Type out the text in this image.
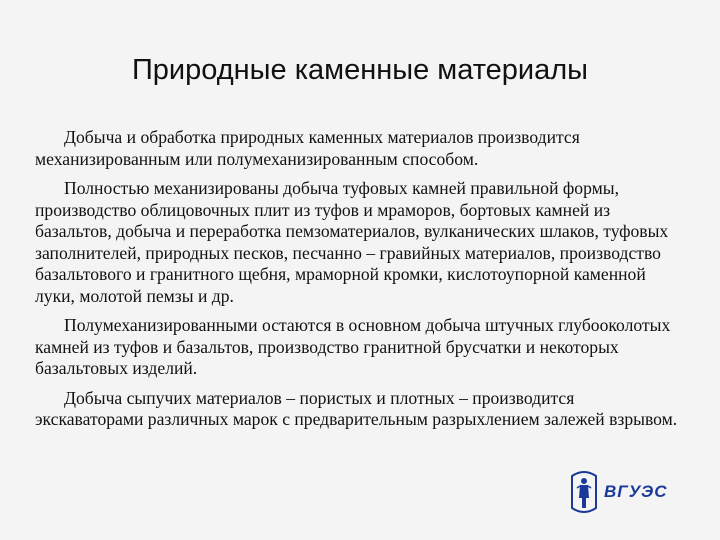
Природные каменные материалы

Добыча и обработка природных каменных материалов производится механизированным или полумеханизированным способом.

Полностью механизированы добыча туфовых камней правильной формы, производство облицовочных плит из туфов и мраморов, бортовых камней из базальтов, добыча и переработка пемзоматериалов, вулканических шлаков, туфовых заполнителей, природных песков, песчанно – гравийных материалов, производство базальтового и гранитного щебня, мраморной кромки, кислотоупорной каменной луки, молотой пемзы и др.

Полумеханизированными остаются в основном добыча штучных глубооколотых камней из туфов и базальтов, производство гранитной брусчатки и некоторых базальтовых изделий.

Добыча сыпучих материалов – пористых и плотных – производится экскаваторами различных марок с предварительным разрыхлением залежей взрывом.

ВГУЭС
